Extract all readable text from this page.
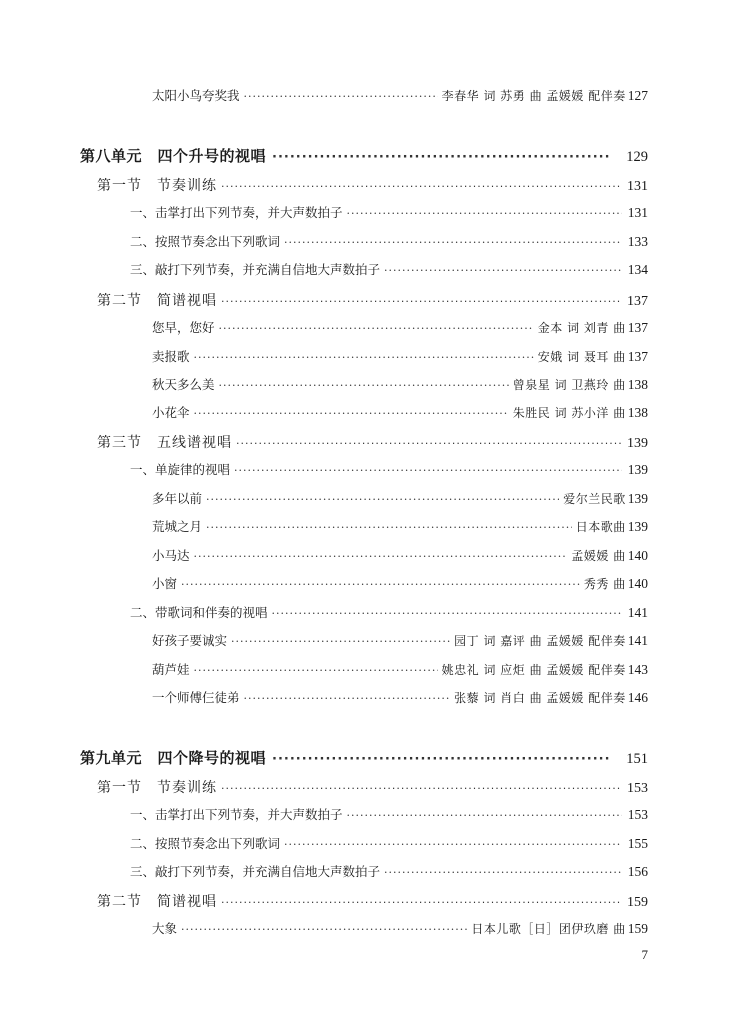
太阳小鸟夸奖我 ·····	李春华 词 苏勇 曲 孟媛媛 配伴奏 127
第八单元　四个升号的视唱 ·····	129
第一节　节奏训练 ·····	131
一、击掌打出下列节奏，并大声数拍子 ·····	131
二、按照节奏念出下列歌词 ·····	133
三、敲打下列节奏，并充满自信地大声数拍子 ·····	134
第二节　简谱视唱 ·····	137
您早，您好 ·····	金本 词 刘青 曲 137
卖报歌 ·····	安娥 词 聂耳 曲 137
秋天多么美 ·····	曾泉星 词 卫燕玲 曲 138
小花伞 ·····	朱胜民 词 苏小洋 曲 138
第三节　五线谱视唱 ·····	139
一、单旋律的视唱 ·····	139
多年以前 ·····	爱尔兰民歌 139
荒城之月 ·····	日本歌曲 139
小马达 ·····	孟媛媛 曲 140
小窗 ·····	秀秀 曲 140
二、带歌词和伴奏的视唱 ·····	141
好孩子要诚实 ·····	园丁 词 嘉评 曲 孟媛媛 配伴奏 141
葫芦娃 ·····	姚忠礼 词 应炬 曲 孟媛媛 配伴奏 143
一个师傅仨徒弟 ·····	张藜 词 肖白 曲 孟媛媛 配伴奏 146
第九单元　四个降号的视唱 ·····	151
第一节　节奏训练 ·····	153
一、击掌打出下列节奏，并大声数拍子 ·····	153
二、按照节奏念出下列歌词 ·····	155
三、敲打下列节奏，并充满自信地大声数拍子 ·····	156
第二节　简谱视唱 ·····	159
大象 ·····	日本儿歌［日］团伊玖磨 曲 159
7
